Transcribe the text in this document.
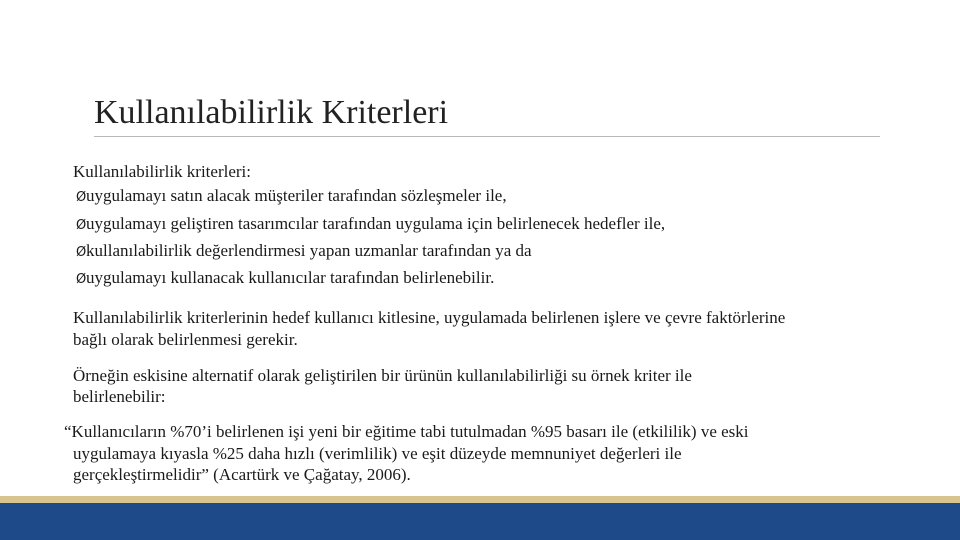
Kullanılabilirlik Kriterleri
Kullanılabilirlik kriterleri:
Øuygulamayı satın alacak müşteriler tarafından sözleşmeler ile,
Øuygulamayı geliştiren tasarımcılar tarafından uygulama için belirlenecek hedefler ile,
Økullanılabilirlik değerlendirmesi yapan uzmanlar tarafından ya da
Øuygulamayı kullanacak kullanıcılar tarafından belirlenebilir.
Kullanılabilirlik kriterlerinin hedef kullanıcı kitlesine, uygulamada belirlenen işlere ve çevre faktörlerine
bağlı olarak belirlenmesi gerekir.
Örneğin eskisine alternatif olarak geliştirilen bir ürünün kullanılabilirliği su örnek kriter ile
belirlenebilir:
“Kullanıcıların %70’i belirlenen işi yeni bir eğitime tabi tutulmadan %95 basarı ile (etkililik) ve eski
uygulamaya kıyasla %25 daha hızlı (verimlilik) ve eşit düzeyde memnuniyet değerleri ile
gerçekleştirmelidir” (Acartürk ve Çağatay, 2006).
